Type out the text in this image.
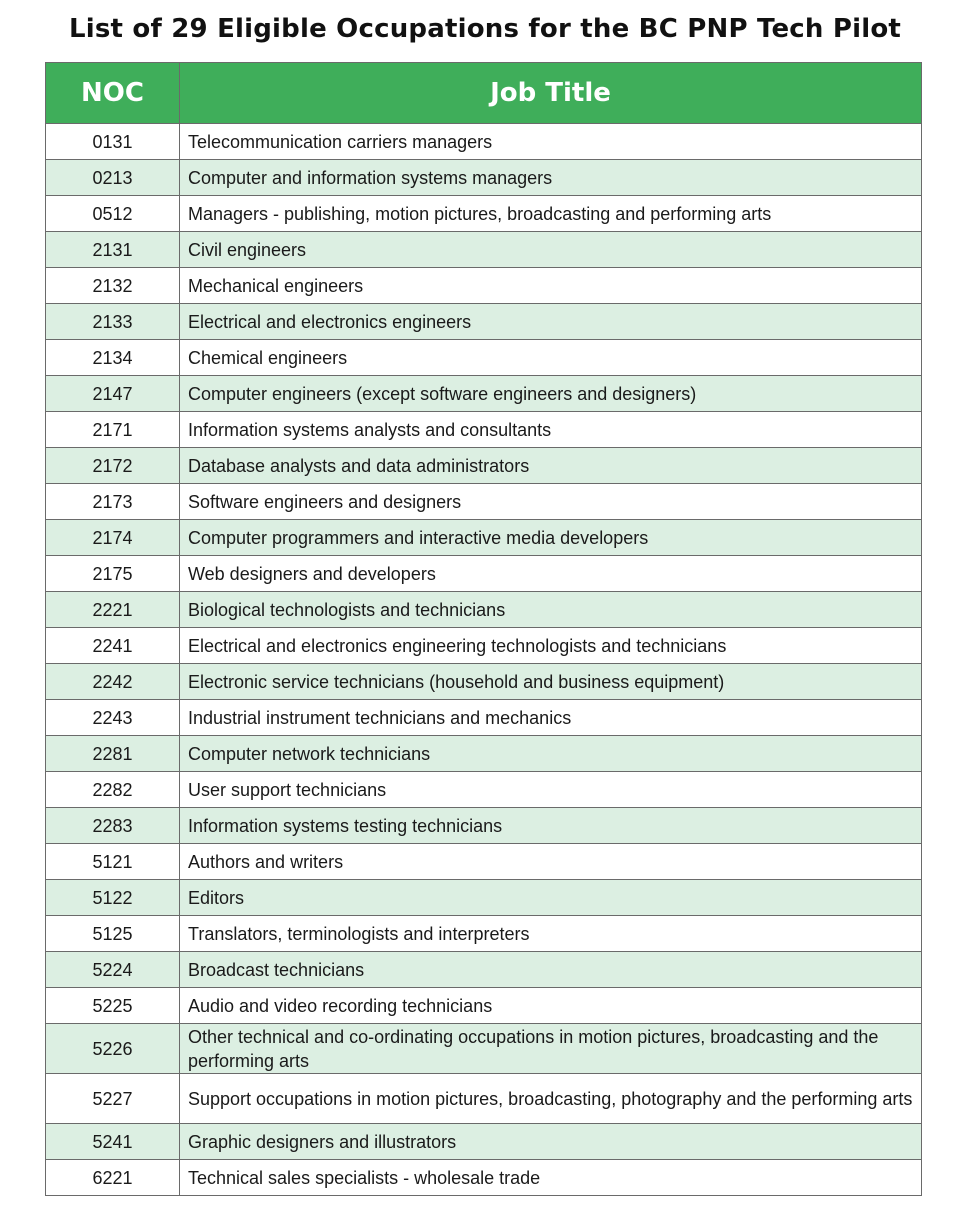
List of 29 Eligible Occupations for the BC PNP Tech Pilot
NOC	Job Title
0131	Telecommunication carriers managers
0213	Computer and information systems managers
0512	Managers - publishing, motion pictures, broadcasting and performing arts
2131	Civil engineers
2132	Mechanical engineers
2133	Electrical and electronics engineers
2134	Chemical engineers
2147	Computer engineers (except software engineers and designers)
2171	Information systems analysts and consultants
2172	Database analysts and data administrators
2173	Software engineers and designers
2174	Computer programmers and interactive media developers
2175	Web designers and developers
2221	Biological technologists and technicians
2241	Electrical and electronics engineering technologists and technicians
2242	Electronic service technicians (household and business equipment)
2243	Industrial instrument technicians and mechanics
2281	Computer network technicians
2282	User support technicians
2283	Information systems testing technicians
5121	Authors and writers
5122	Editors
5125	Translators, terminologists and interpreters
5224	Broadcast technicians
5225	Audio and video recording technicians
5226	Other technical and co-ordinating occupations in motion pictures, broadcasting and the performing arts
5227	Support occupations in motion pictures, broadcasting, photography and the performing arts
5241	Graphic designers and illustrators
6221	Technical sales specialists - wholesale trade
